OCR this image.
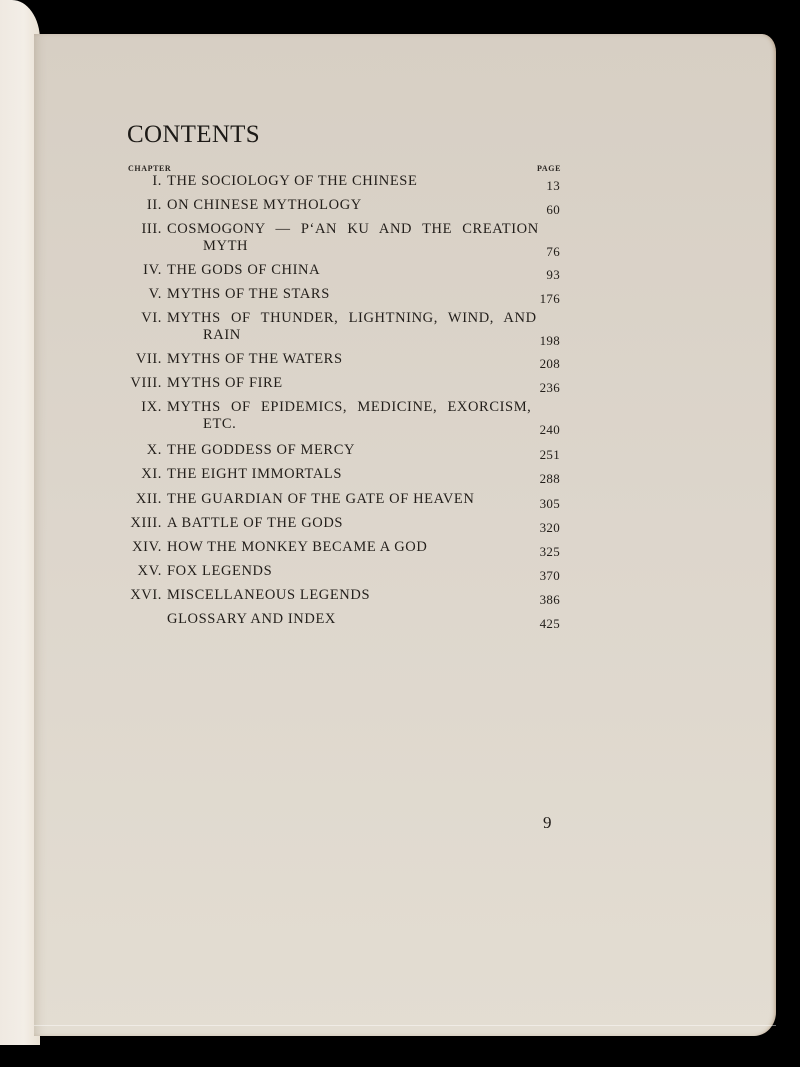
CONTENTS
CHAPTER	PAGE
I. THE SOCIOLOGY OF THE CHINESE	13
II. ON CHINESE MYTHOLOGY	60
III. COSMOGONY — P‘AN KU AND THE CREATION
MYTH	76
IV. THE GODS OF CHINA	93
V. MYTHS OF THE STARS	176
VI. MYTHS OF THUNDER, LIGHTNING, WIND, AND
RAIN	198
VII. MYTHS OF THE WATERS	208
VIII. MYTHS OF FIRE	236
IX. MYTHS OF EPIDEMICS, MEDICINE, EXORCISM,
ETC.	240
X. THE GODDESS OF MERCY	251
XI. THE EIGHT IMMORTALS	288
XII. THE GUARDIAN OF THE GATE OF HEAVEN	305
XIII. A BATTLE OF THE GODS	320
XIV. HOW THE MONKEY BECAME A GOD	325
XV. FOX LEGENDS	370
XVI. MISCELLANEOUS LEGENDS	386
GLOSSARY AND INDEX	425
9
